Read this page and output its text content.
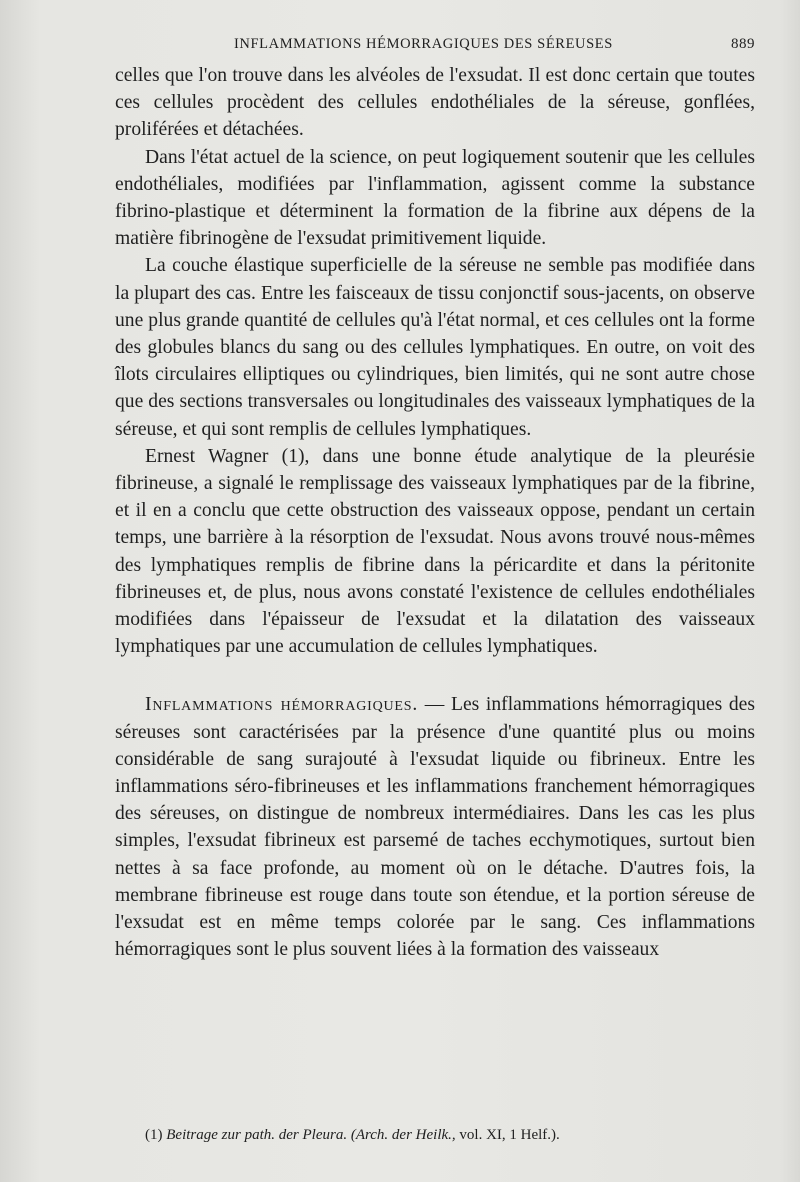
INFLAMMATIONS HÉMORRAGIQUES DES SÉREUSES	889

celles que l'on trouve dans les alvéoles de l'exsudat. Il est donc certain que toutes ces cellules procèdent des cellules endothéliales de la séreuse, gonflées, proliférées et détachées.

Dans l'état actuel de la science, on peut logiquement soutenir que les cellules endothéliales, modifiées par l'inflammation, agissent comme la substance fibrino-plastique et déterminent la formation de la fibrine aux dépens de la matière fibrinogène de l'exsudat primitivement liquide.

La couche élastique superficielle de la séreuse ne semble pas modifiée dans la plupart des cas. Entre les faisceaux de tissu conjonctif sous-jacents, on observe une plus grande quantité de cellules qu'à l'état normal, et ces cellules ont la forme des globules blancs du sang ou des cellules lymphatiques. En outre, on voit des îlots circulaires elliptiques ou cylindriques, bien limités, qui ne sont autre chose que des sections transversales ou longitudinales des vaisseaux lymphatiques de la séreuse, et qui sont remplis de cellules lymphatiques.

Ernest Wagner (1), dans une bonne étude analytique de la pleurésie fibrineuse, a signalé le remplissage des vaisseaux lymphatiques par de la fibrine, et il en a conclu que cette obstruction des vaisseaux oppose, pendant un certain temps, une barrière à la résorption de l'exsudat. Nous avons trouvé nous-mêmes des lymphatiques remplis de fibrine dans la péricardite et dans la péritonite fibrineuses et, de plus, nous avons constaté l'existence de cellules endothéliales modifiées dans l'épaisseur de l'exsudat et la dilatation des vaisseaux lymphatiques par une accumulation de cellules lymphatiques.

Inflammations hémorragiques. — Les inflammations hémorragiques des séreuses sont caractérisées par la présence d'une quantité plus ou moins considérable de sang surajouté à l'exsudat liquide ou fibrineux. Entre les inflammations séro-fibrineuses et les inflammations franchement hémorragiques des séreuses, on distingue de nombreux intermédiaires. Dans les cas les plus simples, l'exsudat fibrineux est parsemé de taches ecchymotiques, surtout bien nettes à sa face profonde, au moment où on le détache. D'autres fois, la membrane fibrineuse est rouge dans toute son étendue, et la portion séreuse de l'exsudat est en même temps colorée par le sang. Ces inflammations hémorragiques sont le plus souvent liées à la formation des vaisseaux

(1) Beitrage zur path. der Pleura. (Arch. der Heilk., vol. XI, 1 Helf.).
